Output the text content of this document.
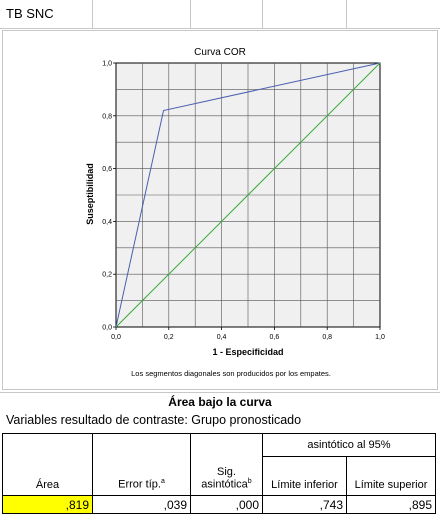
TB SNC
0,0	0,2	0,4	0,6	0,8	1,0
0,0
0,2
0,4
0,6
0,8
1,0
Curva COR
1 - Especificidad
Suseptibilidad
Los segmentos diagonales son producidos por los empates.
Área bajo la curva
Variables resultado de contraste: Grupo pronosticado
Área	Error típ.$^a$	Sig. asintótica$^b$	asintótico al 95%	
			Límite inferior	Límite superior
,819	,039	,000	,743	,895
